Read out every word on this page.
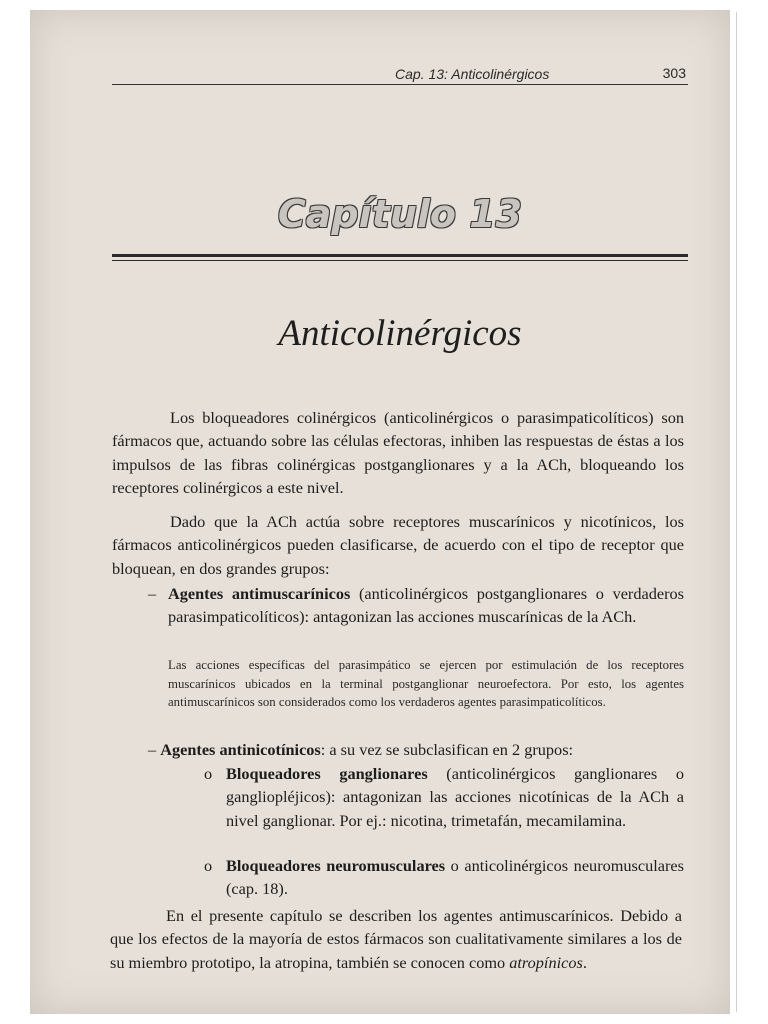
Cap. 13: Anticolinérgicos	303
Capítulo 13
Anticolinérgicos
Los bloqueadores colinérgicos (anticolinérgicos o parasimpaticolíticos) son fármacos que, actuando sobre las células efectoras, inhiben las respuestas de éstas a los impulsos de las fibras colinérgicas postganglionares y a la ACh, bloqueando los receptores colinérgicos a este nivel.
Dado que la ACh actúa sobre receptores muscarínicos y nicotínicos, los fármacos anticolinérgicos pueden clasificarse, de acuerdo con el tipo de receptor que bloquean, en dos grandes grupos:
– Agentes antimuscarínicos (anticolinérgicos postganglionares o verdaderos parasimpaticolíticos): antagonizan las acciones muscarínicas de la ACh.
Las acciones específicas del parasimpático se ejercen por estimulación de los receptores muscarínicos ubicados en la terminal postganglionar neuroefectora. Por esto, los agentes antimuscarínicos son considerados como los verdaderos agentes parasimpaticolíticos.
– Agentes antinicotínicos: a su vez se subclasifican en 2 grupos:
o Bloqueadores ganglionares (anticolinérgicos ganglionares o gangliopléjicos): antagonizan las acciones nicotínicas de la ACh a nivel ganglionar. Por ej.: nicotina, trimetafán, mecamilamina.
o Bloqueadores neuromusculares o anticolinérgicos neuromusculares (cap. 18).
En el presente capítulo se describen los agentes antimuscarínicos. Debido a que los efectos de la mayoría de estos fármacos son cualitativamente similares a los de su miembro prototipo, la atropina, también se conocen como atropínicos.
